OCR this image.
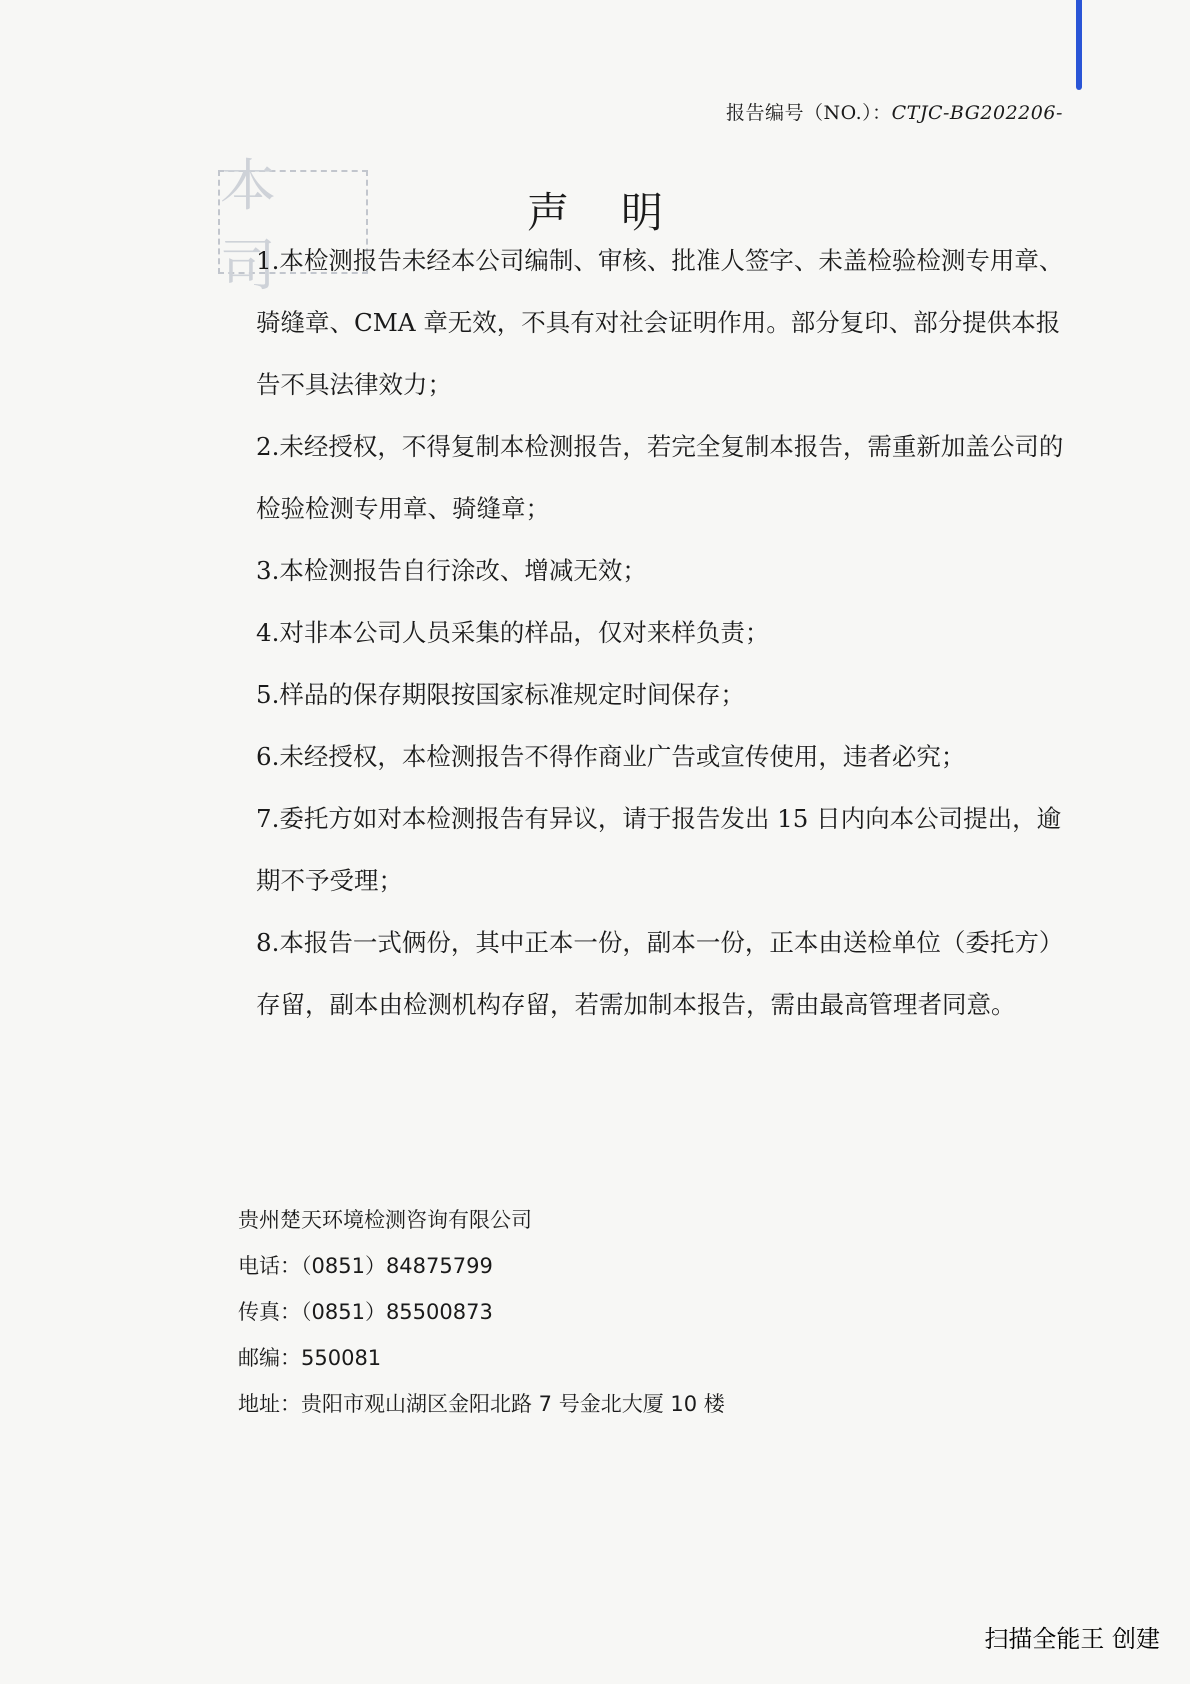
报告编号（NO.）：CTJC-BG202206-
本 司
声明

1.本检测报告未经本公司编制、审核、批准人签字、未盖检验检测专用章、骑缝章、CMA 章无效，不具有对社会证明作用。部分复印、部分提供本报告不具法律效力；

2.未经授权，不得复制本检测报告，若完全复制本报告，需重新加盖公司的检验检测专用章、骑缝章；

3.本检测报告自行涂改、增减无效；

4.对非本公司人员采集的样品，仅对来样负责；

5.样品的保存期限按国家标准规定时间保存；

6.未经授权，本检测报告不得作商业广告或宣传使用，违者必究；

7.委托方如对本检测报告有异议，请于报告发出 15 日内向本公司提出，逾期不予受理；

8.本报告一式俩份，其中正本一份，副本一份，正本由送检单位（委托方）存留，副本由检测机构存留，若需加制本报告，需由最高管理者同意。

贵州楚天环境检测咨询有限公司
电话：（0851）84875799
传真：（0851）85500873
邮编：550081
地址：贵阳市观山湖区金阳北路 7 号金北大厦 10 楼
扫描全能王 创建
